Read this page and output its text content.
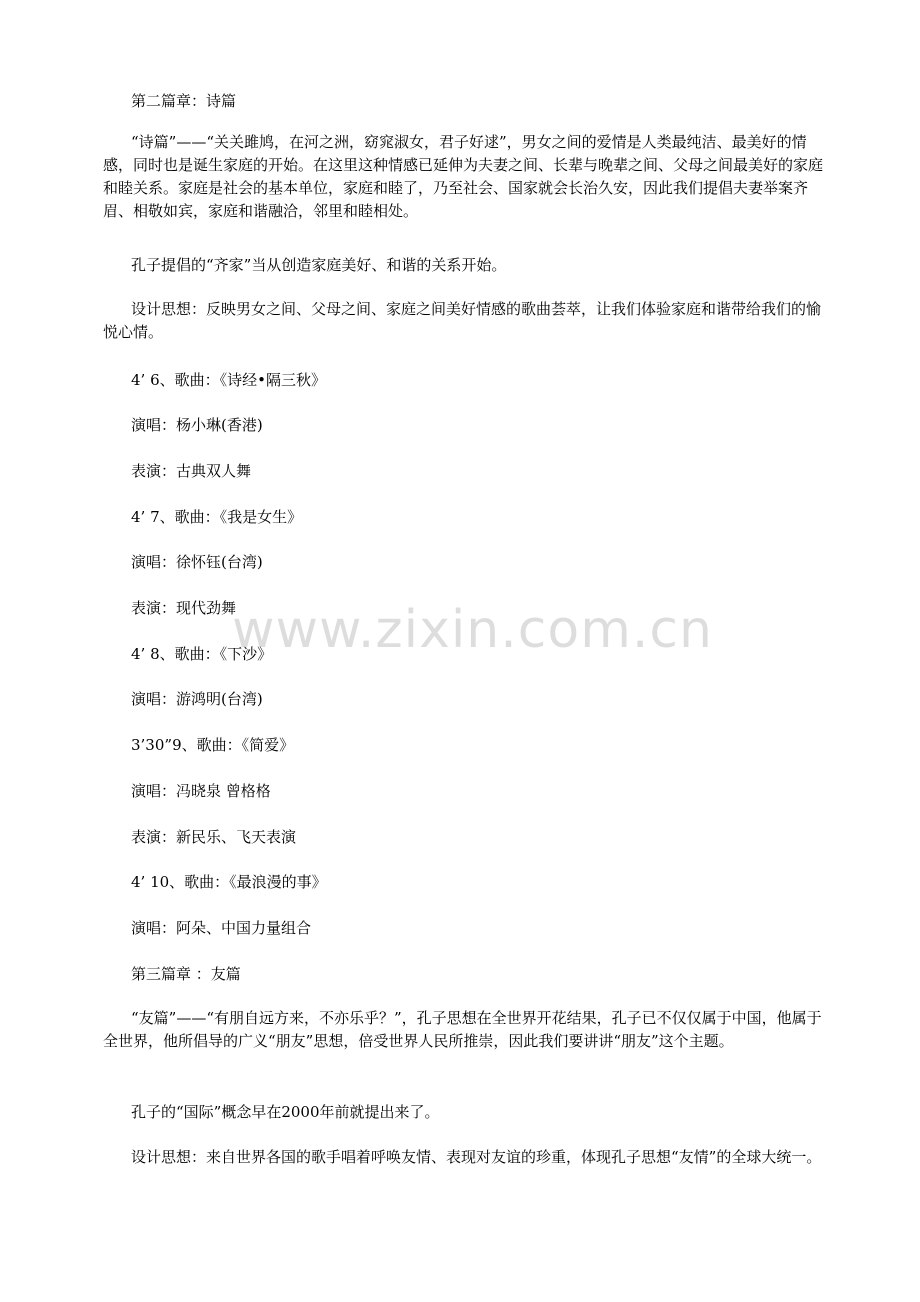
第二篇章：诗篇

“诗篇”——“关关雎鸠，在河之洲，窈窕淑女，君子好逑”，男女之间的爱情是人类最纯洁、最美好的情感，同时也是诞生家庭的开始。在这里这种情感已延伸为夫妻之间、长辈与晚辈之间、父母之间最美好的家庭和睦关系。家庭是社会的基本单位，家庭和睦了，乃至社会、国家就会长治久安，因此我们提倡夫妻举案齐眉、相敬如宾，家庭和谐融洽，邻里和睦相处。

孔子提倡的“齐家”当从创造家庭美好、和谐的关系开始。

设计思想：反映男女之间、父母之间、家庭之间美好情感的歌曲荟萃，让我们体验家庭和谐带给我们的愉悦心情。

4’ 6、歌曲：《诗经•隔三秋》

演唱：杨小琳(香港)

表演：古典双人舞

4’ 7、歌曲：《我是女生》

演唱：徐怀钰(台湾)

表演：现代劲舞

4’ 8、歌曲：《下沙》

演唱：游鸿明(台湾)

3’30”9、歌曲：《简爱》

演唱：冯晓泉 曾格格

表演：新民乐、飞天表演

4’ 10、歌曲：《最浪漫的事》

演唱：阿朵、中国力量组合

第三篇章 ：友篇

“友篇”——“有朋自远方来，不亦乐乎？”，孔子思想在全世界开花结果，孔子已不仅仅属于中国，他属于全世界，他所倡导的广义“朋友”思想，倍受世界人民所推崇，因此我们要讲讲“朋友”这个主题。

孔子的“国际”概念早在2000年前就提出来了。

设计思想：来自世界各国的歌手唱着呼唤友情、表现对友谊的珍重，体现孔子思想“友情”的全球大统一。

www.zixin.com.cn
